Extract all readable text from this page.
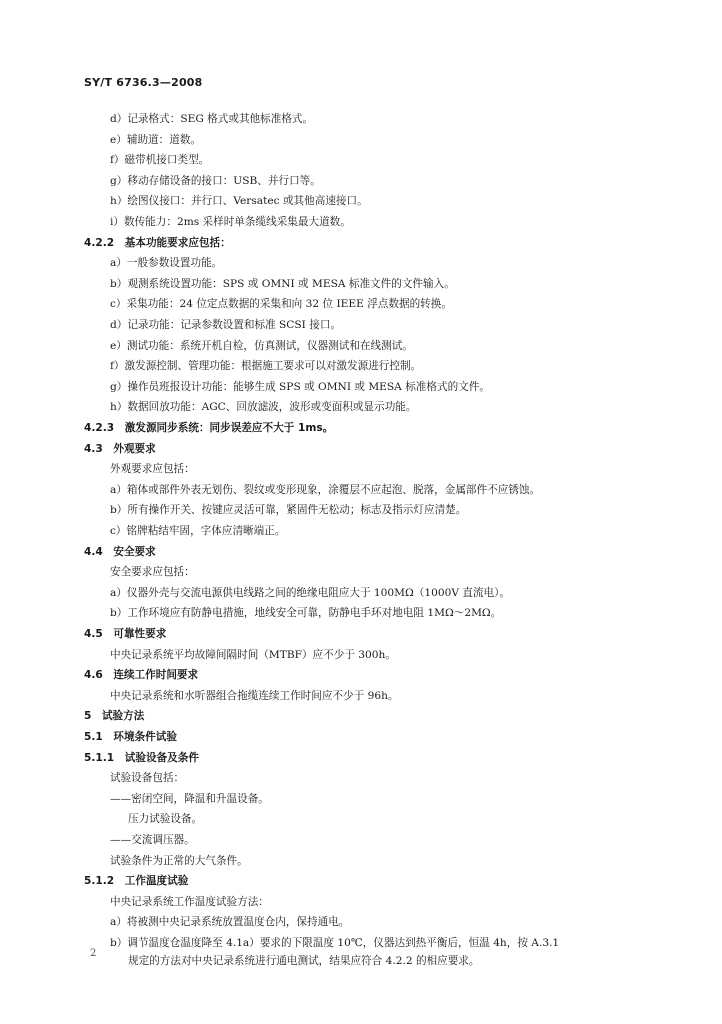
SY/T 6736.3—2008
d）记录格式：SEG 格式或其他标准格式。
e）辅助道：道数。
f）磁带机接口类型。
g）移动存储设备的接口：USB、并行口等。
h）绘图仪接口：并行口、Versatec 或其他高速接口。
i）数传能力：2ms 采样时单条缆线采集最大道数。
4.2.2　基本功能要求应包括：
a）一般参数设置功能。
b）观测系统设置功能：SPS 或 OMNI 或 MESA 标准文件的文件输入。
c）采集功能：24 位定点数据的采集和向 32 位 IEEE 浮点数据的转换。
d）记录功能：记录参数设置和标准 SCSI 接口。
e）测试功能：系统开机自检，仿真测试，仪器测试和在线测试。
f）激发源控制、管理功能：根据施工要求可以对激发源进行控制。
g）操作员班报设计功能：能够生成 SPS 或 OMNI 或 MESA 标准格式的文件。
h）数据回放功能：AGC、回放滤波，波形或变面积或显示功能。
4.2.3　激发源同步系统：同步误差应不大于 1ms。
4.3　外观要求
外观要求应包括：
a）箱体或部件外表无划伤、裂纹或变形现象，涂覆层不应起泡、脱落，金属部件不应锈蚀。
b）所有操作开关、按键应灵活可靠，紧固件无松动；标志及指示灯应清楚。
c）铭牌粘结牢固，字体应清晰端正。
4.4　安全要求
安全要求应包括：
a）仪器外壳与交流电源供电线路之间的绝缘电阻应大于 100MΩ（1000V 直流电）。
b）工作环境应有防静电措施，地线安全可靠，防静电手环对地电阻 1MΩ～2MΩ。
4.5　可靠性要求
中央记录系统平均故障间隔时间（MTBF）应不少于 300h。
4.6　连续工作时间要求
中央记录系统和水听器组合拖缆连续工作时间应不少于 96h。
5　试验方法
5.1　环境条件试验
5.1.1　试验设备及条件
试验设备包括：
——密闭空间，降温和升温设备。
压力试验设备。
——交流调压器。
试验条件为正常的大气条件。
5.1.2　工作温度试验
中央记录系统工作温度试验方法：
a）将被测中央记录系统放置温度仓内，保持通电。
b）调节温度仓温度降至 4.1a）要求的下限温度 10℃，仪器达到热平衡后，恒温 4h，按 A.3.1
规定的方法对中央记录系统进行通电测试，结果应符合 4.2.2 的相应要求。
2
